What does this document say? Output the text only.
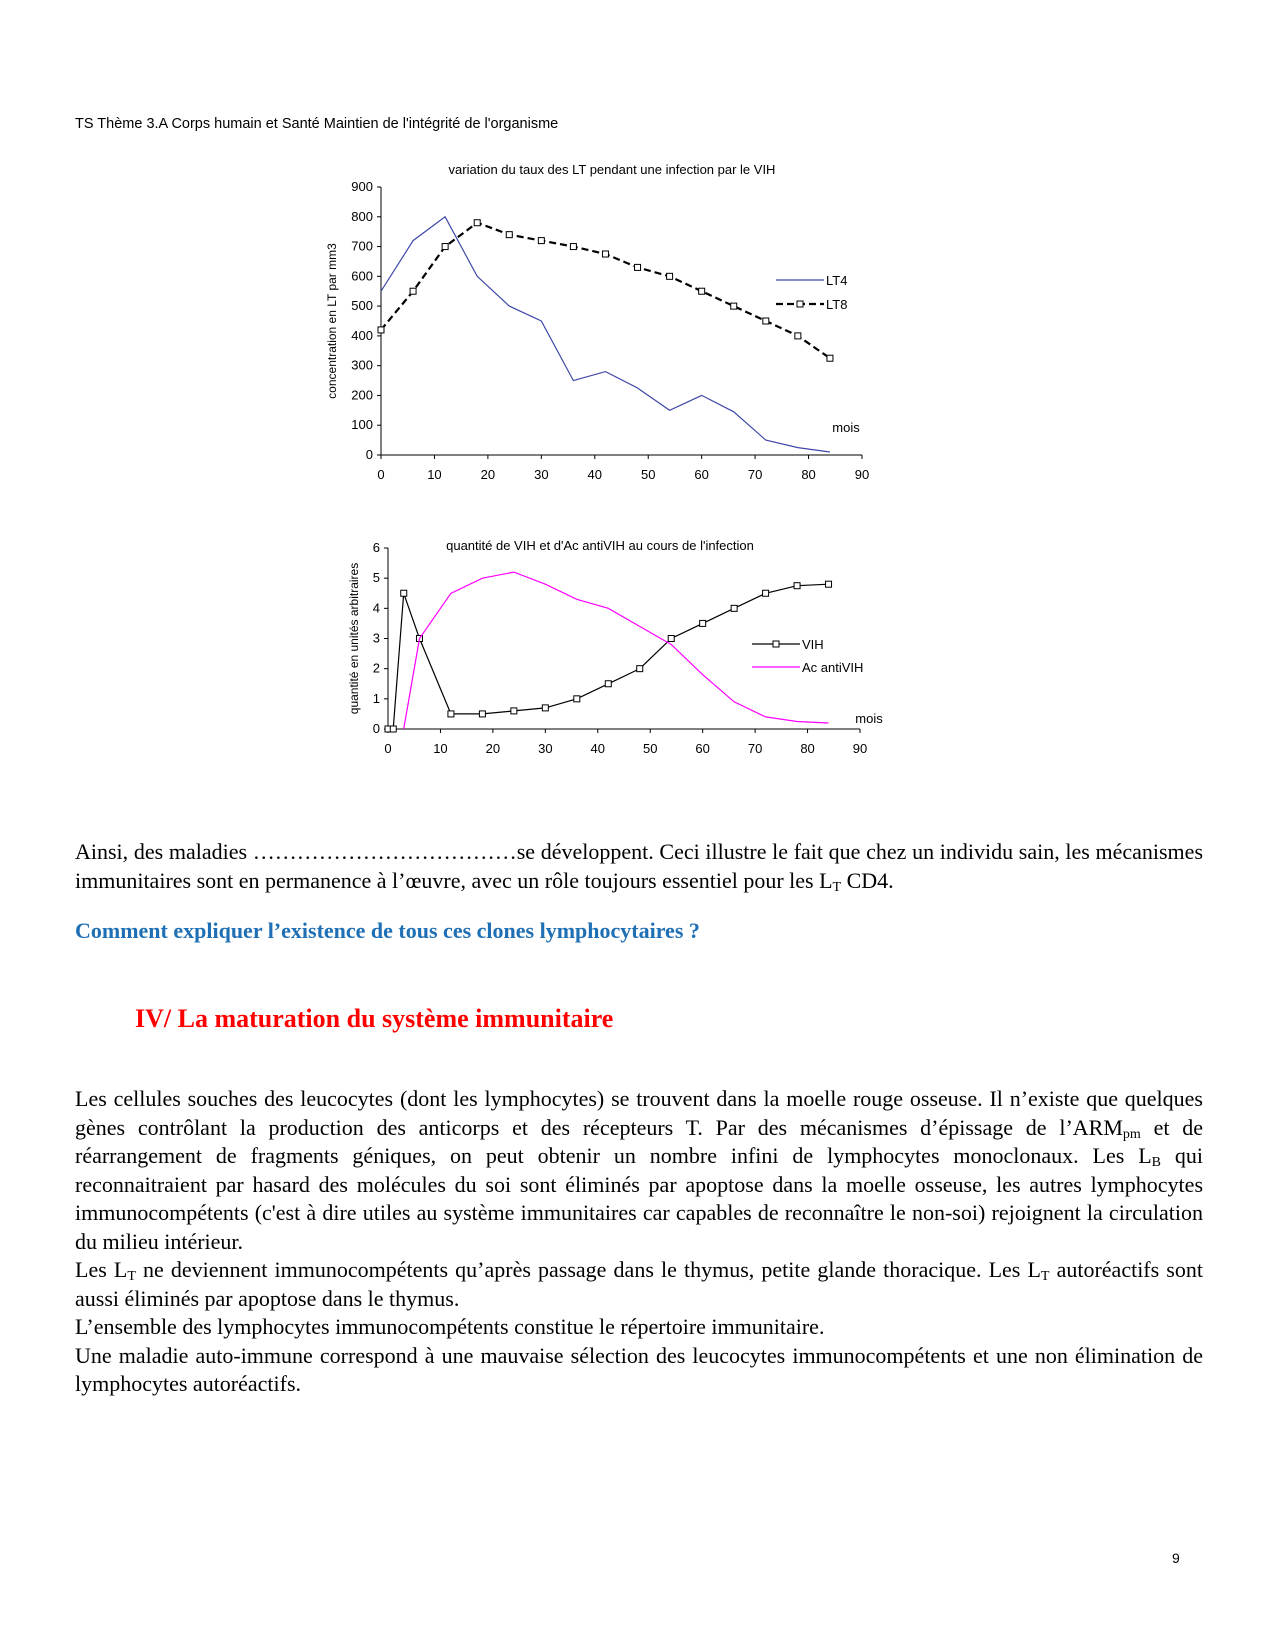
TS Thème 3.A Corps humain et Santé Maintien de l'intégrité de l'organisme
variation du taux des LT pendant une infection par le VIH
0
100
200
300
400
500
600
700
800
900
0	10	20	30	40	50	60	70	80	90
concentration en LT par mm3
mois
LT4
LT8
quantité de VIH et d'Ac antiVIH au cours de l'infection
0
1
2
3
4
5
6
0	10	20	30	40	50	60	70	80	90
quantité en unités arbitraires
mois
VIH
Ac antiVIH

Ainsi, des maladies ………………………………se développent. Ceci illustre le fait que chez un individu sain, les mécanismes immunitaires sont en permanence à l’œuvre, avec un rôle toujours essentiel pour les $L_T$ CD4.

Comment expliquer l’existence de tous ces clones lymphocytaires ?
IV/ La maturation du système immunitaire

Les cellules souches des leucocytes (dont les lymphocytes) se trouvent dans la moelle rouge osseuse. Il n’existe que quelques gènes contrôlant la production des anticorps et des récepteurs T. Par des mécanismes d’épissage de $l’ARM_{pm}$ et de réarrangement de fragments géniques, on peut obtenir un nombre infini de lymphocytes monoclonaux. Les $L_B$ qui reconnaitraient par hasard des molécules du soi sont éliminés par apoptose dans la moelle osseuse, les autres lymphocytes immunocompétents (c'est à dire utiles au système immunitaires car capables de reconnaître le non-soi) rejoignent la circulation du milieu intérieur.

Les $L_T$ ne deviennent immunocompétents qu’après passage dans le thymus, petite glande thoracique. Les $L_T$ autoréactifs sont aussi éliminés par apoptose dans le thymus.

L’ensemble des lymphocytes immunocompétents constitue le répertoire immunitaire.

Une maladie auto-immune correspond à une mauvaise sélection des leucocytes immunocompétents et une non élimination de lymphocytes autoréactifs.

9
